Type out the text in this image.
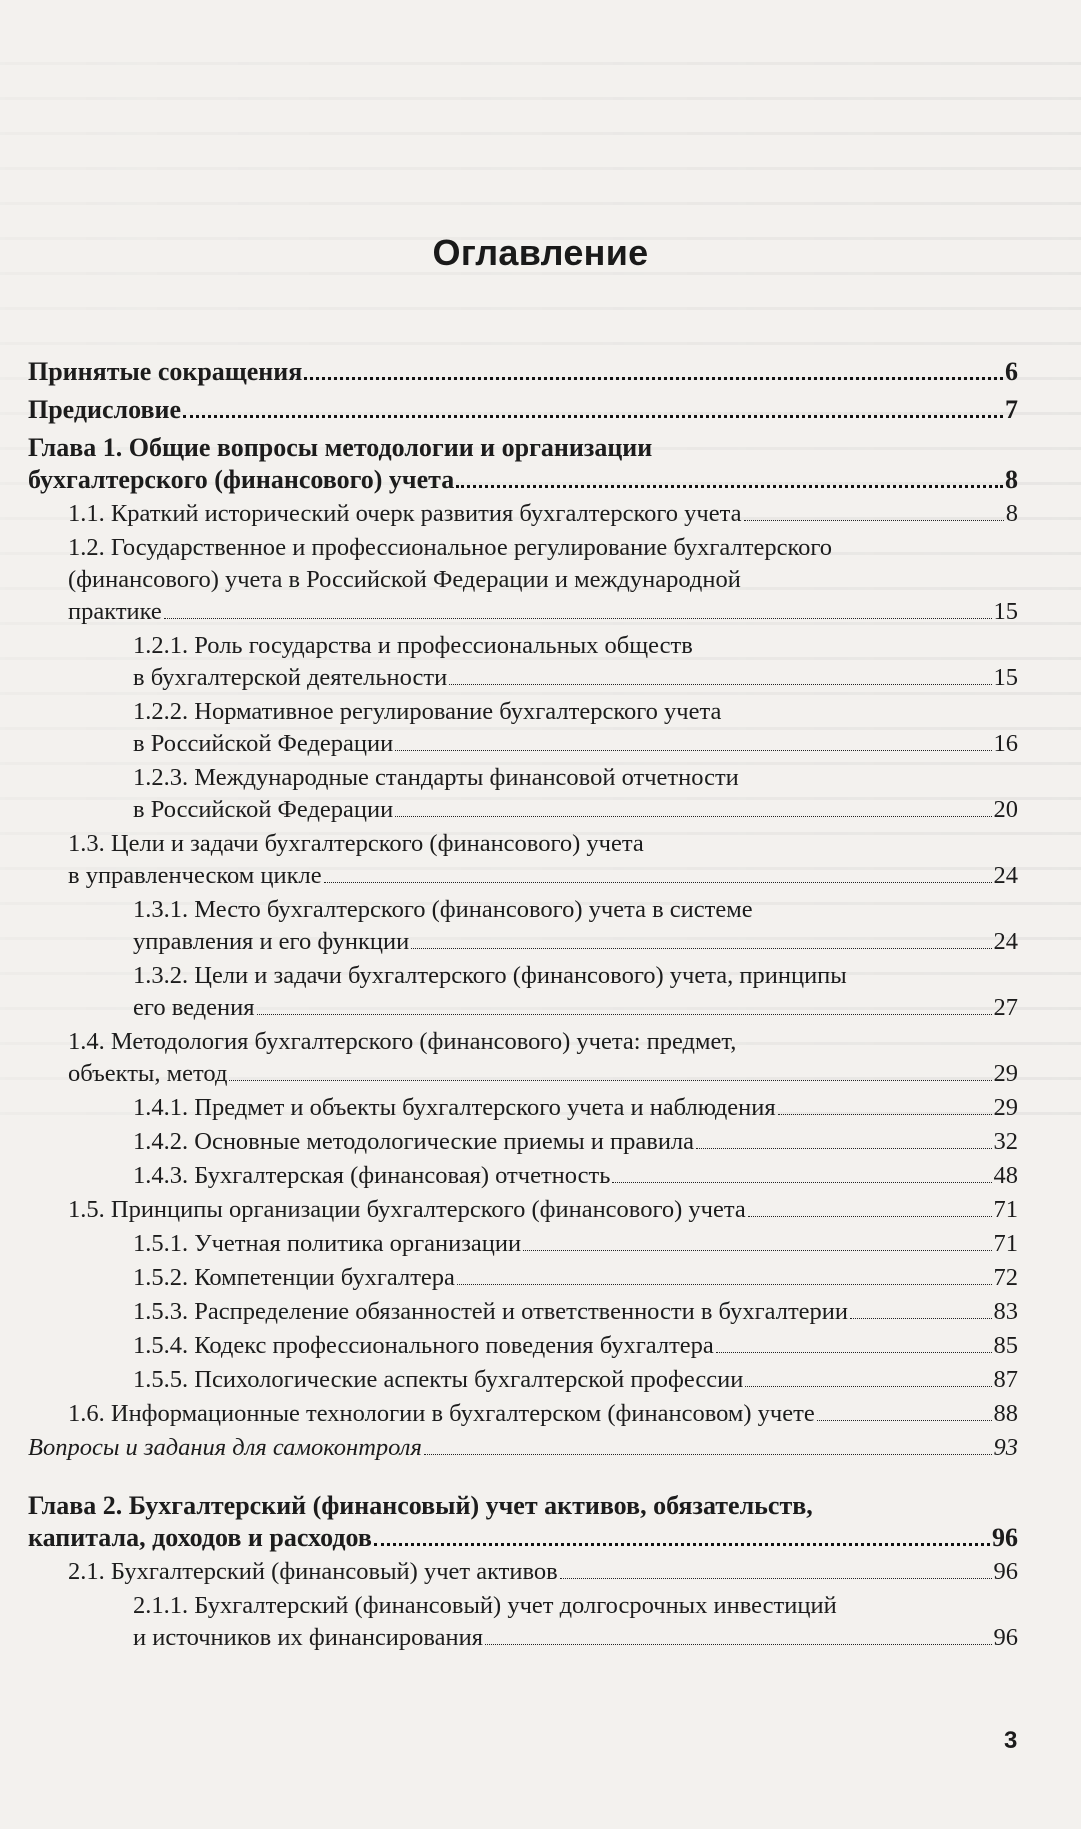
Оглавление
Принятые сокращения	6
Предисловие	7
Глава 1. Общие вопросы методологии и организации
бухгалтерского (финансового) учета	8
1.1. Краткий исторический очерк развития бухгалтерского учета	8
1.2. Государственное и профессиональное регулирование бухгалтерского
(финансового) учета в Российской Федерации и международной
практике	15
1.2.1. Роль государства и профессиональных обществ
в бухгалтерской деятельности	15
1.2.2. Нормативное регулирование бухгалтерского учета
в Российской Федерации	16
1.2.3. Международные стандарты финансовой отчетности
в Российской Федерации	20
1.3. Цели и задачи бухгалтерского (финансового) учета
в управленческом цикле	24
1.3.1. Место бухгалтерского (финансового) учета в системе
управления и его функции	24
1.3.2. Цели и задачи бухгалтерского (финансового) учета, принципы
его ведения	27
1.4. Методология бухгалтерского (финансового) учета: предмет,
объекты, метод	29
1.4.1. Предмет и объекты бухгалтерского учета и наблюдения	29
1.4.2. Основные методологические приемы и правила	32
1.4.3. Бухгалтерская (финансовая) отчетность	48
1.5. Принципы организации бухгалтерского (финансового) учета	71
1.5.1. Учетная политика организации	71
1.5.2. Компетенции бухгалтера	72
1.5.3. Распределение обязанностей и ответственности в бухгалтерии	83
1.5.4. Кодекс профессионального поведения бухгалтера	85
1.5.5. Психологические аспекты бухгалтерской профессии	87
1.6. Информационные технологии в бухгалтерском (финансовом) учете	88
Вопросы и задания для самоконтроля	93
Глава 2. Бухгалтерский (финансовый) учет активов, обязательств,
капитала, доходов и расходов	96
2.1. Бухгалтерский (финансовый) учет активов	96
2.1.1. Бухгалтерский (финансовый) учет долгосрочных инвестиций
и источников их финансирования	96
3
